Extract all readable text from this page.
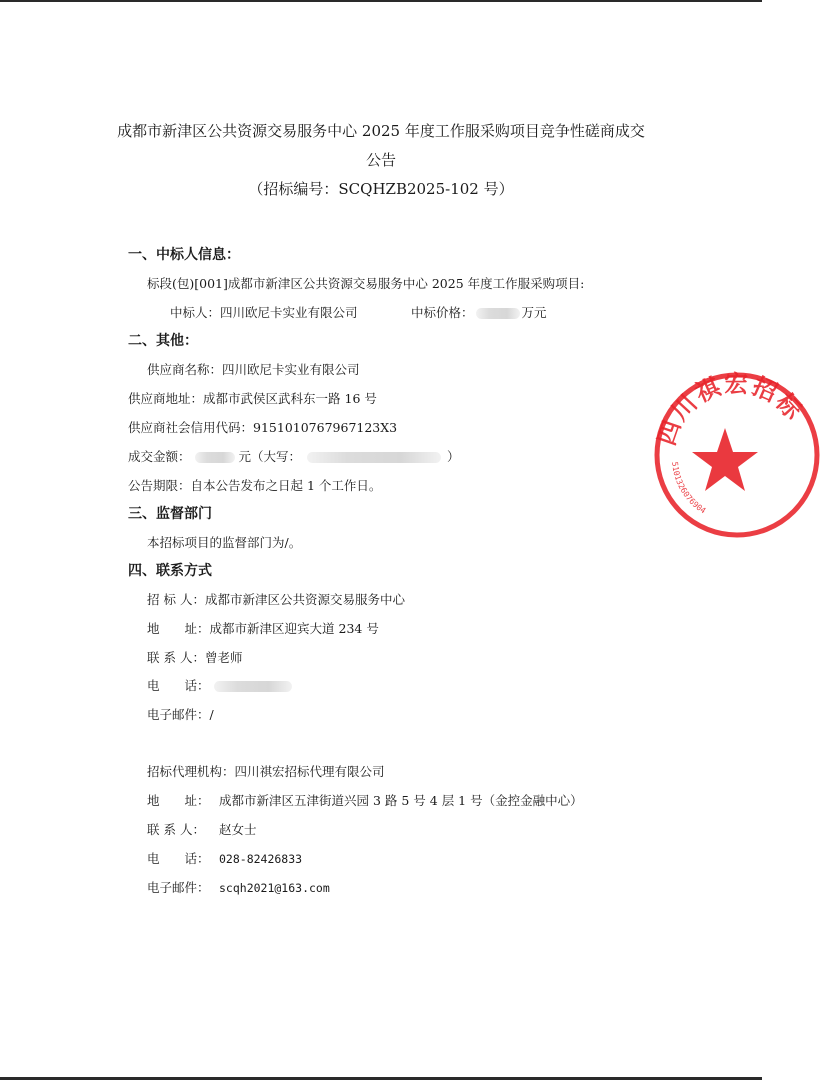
成都市新津区公共资源交易服务中心 2025 年度工作服采购项目竞争性磋商成交
公告
（招标编号：SCQHZB2025-102 号）
一、中标人信息：
标段(包)[001]成都市新津区公共资源交易服务中心 2025 年度工作服采购项目:
中标人：四川欧尼卡实业有限公司	中标价格：	万元
二、其他：
供应商名称：四川欧尼卡实业有限公司
供应商地址：成都市武侯区武科东一路 16 号
供应商社会信用代码：9151010767967123X3
成交金额：	元（大写：	）
公告期限：自本公告发布之日起 1 个工作日。
三、监督部门
本招标项目的监督部门为/。
四、联系方式
招 标 人：成都市新津区公共资源交易服务中心
地　　址：成都市新津区迎宾大道 234 号
联 系 人：曾老师
电　　话：
电子邮件：/
招标代理机构：四川祺宏招标代理有限公司
地　　址： 成都市新津区五津街道兴园 3 路 5 号 4 层 1 号（金控金融中心）
联 系 人： 赵女士
电　　话： 028-82426833
电子邮件： scqh2021@163.com
四川祺宏招标
5101326076904
